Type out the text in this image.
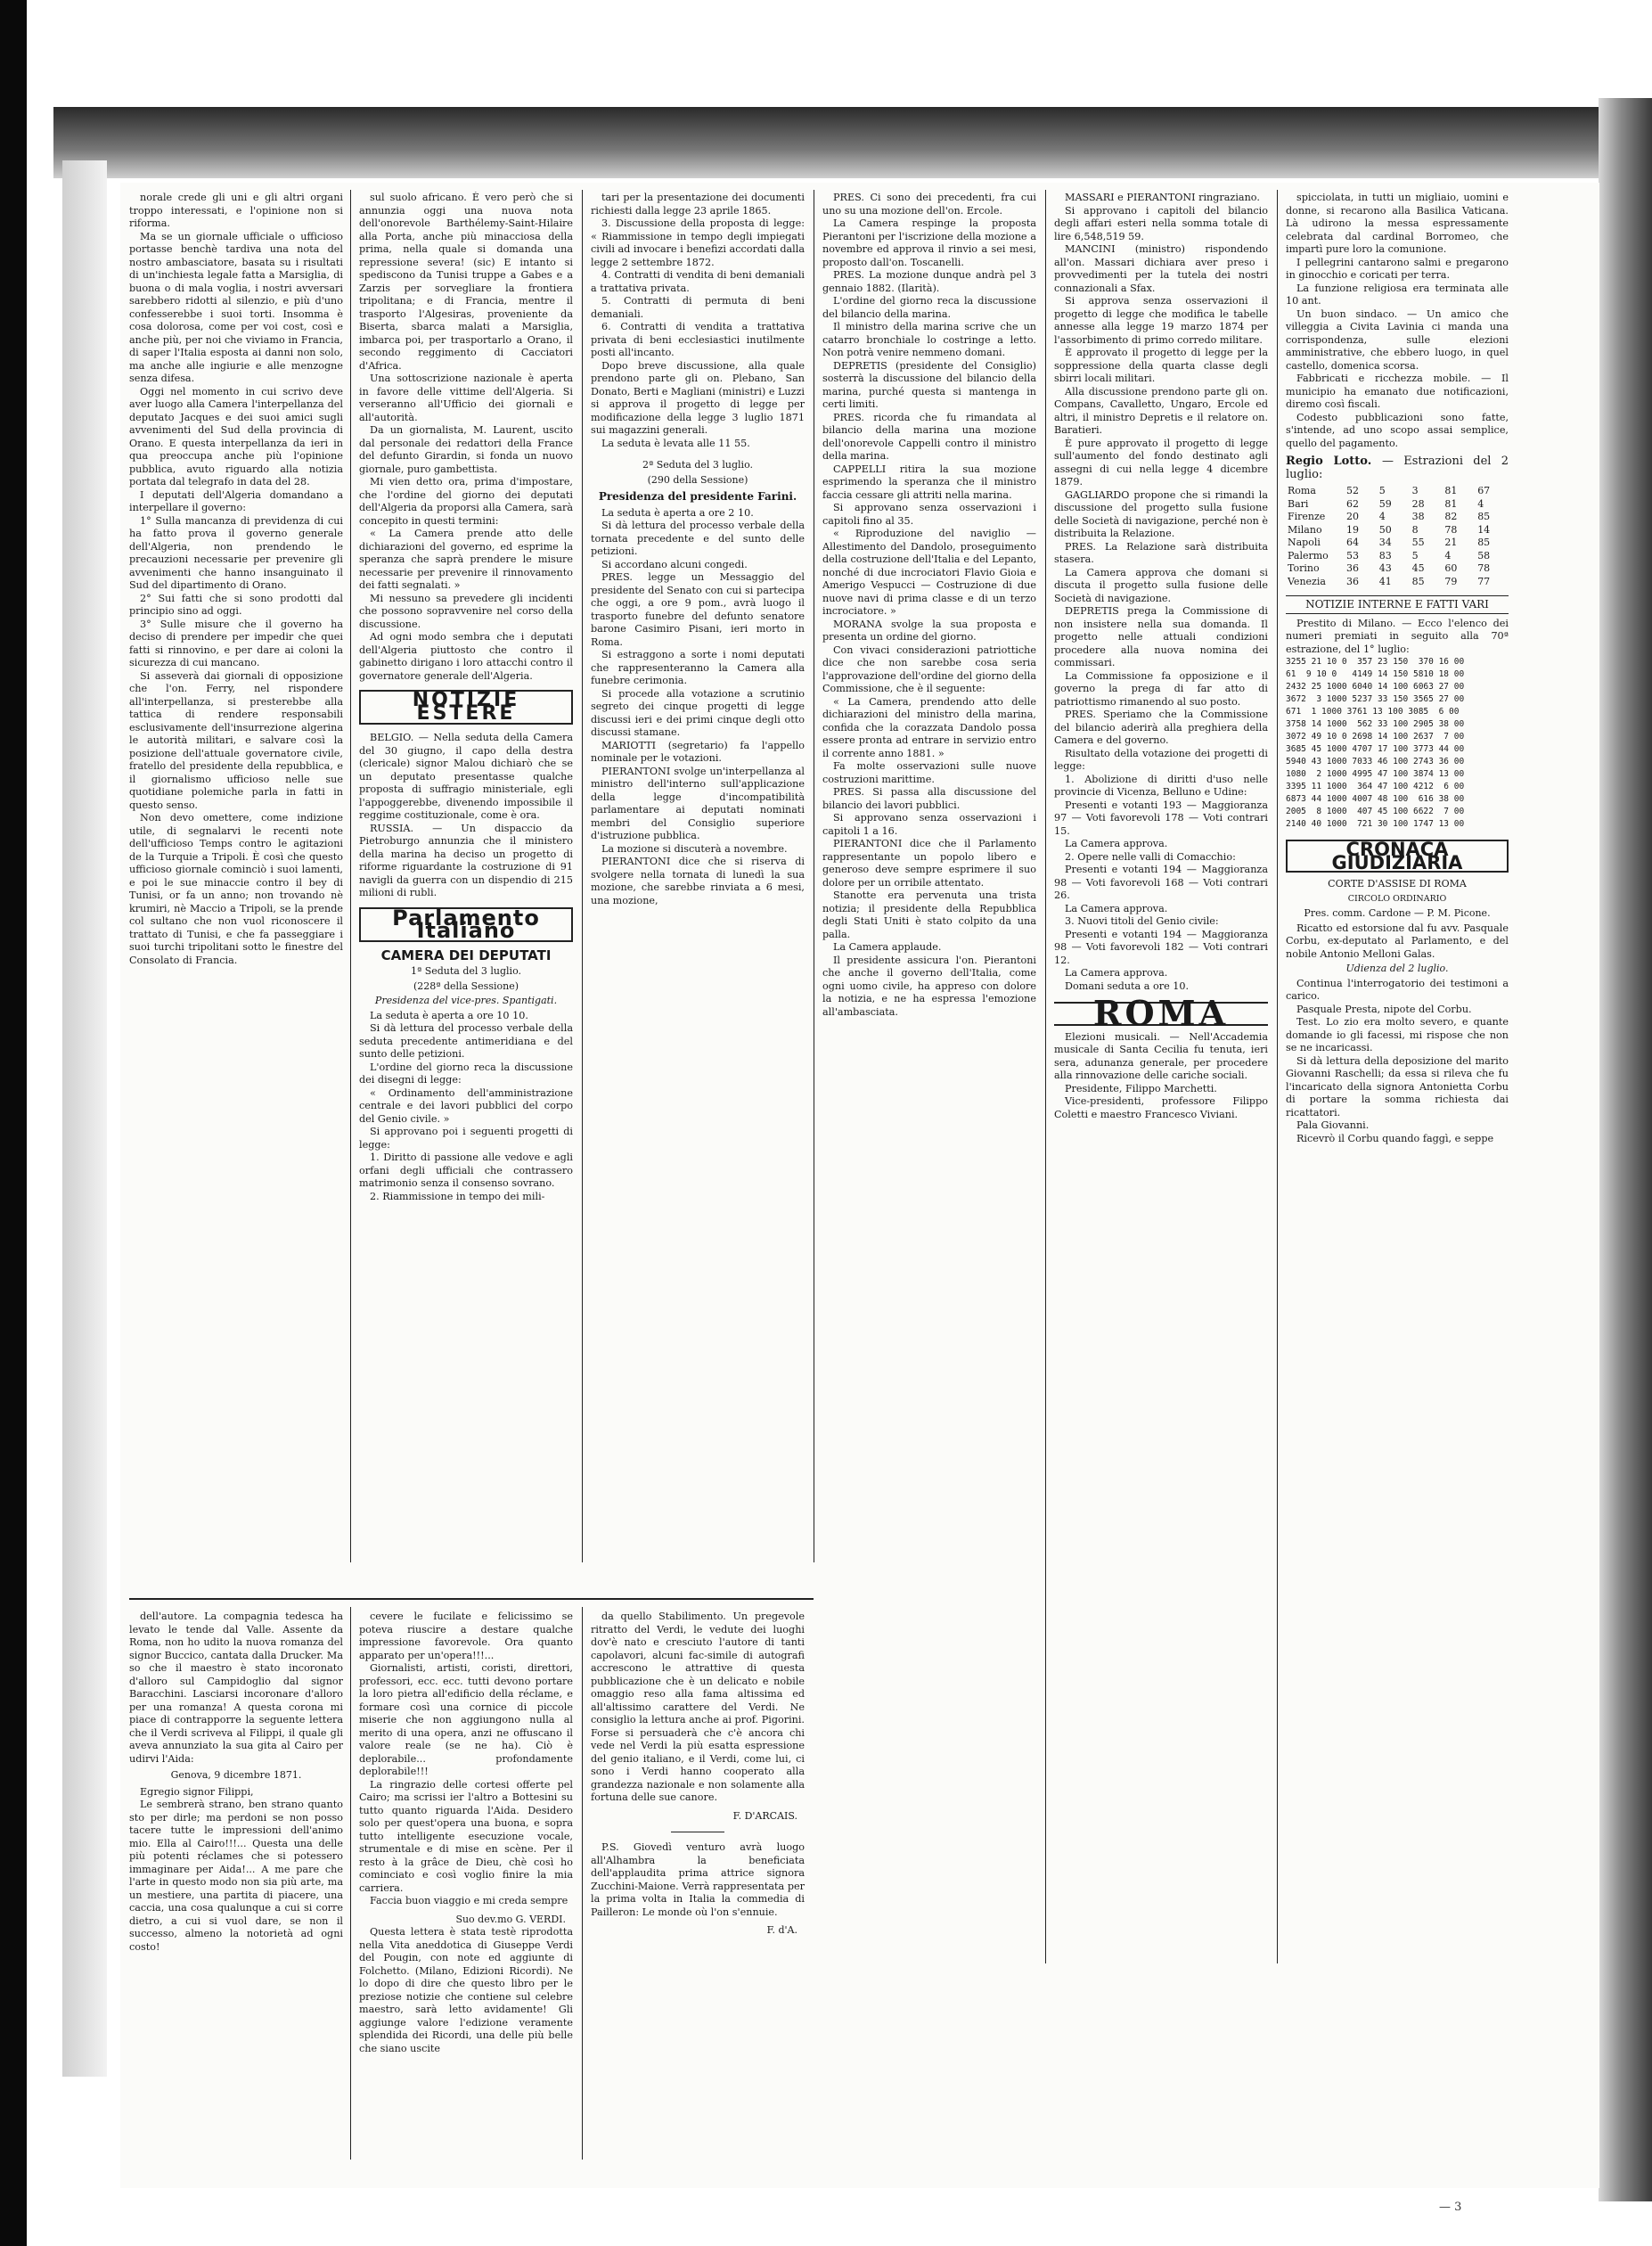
norale crede gli uni e gli altri organi troppo interessati, e l'opinione non si riforma.

Ma se un giornale ufficiale o ufficioso portasse benchè tardiva una nota del nostro ambasciatore, basata su i risultati di un'inchiesta legale fatta a Marsiglia, di buona o di mala voglia, i nostri avversari sarebbero ridotti al silenzio, e più d'uno confesserebbe i suoi torti. Insomma è cosa dolorosa, come per voi cost, così e anche più, per noi che viviamo in Francia, di saper l'Italia esposta ai danni non solo, ma anche alle ingiurie e alle menzogne senza difesa.

Oggi nel momento in cui scrivo deve aver luogo alla Camera l'interpellanza del deputato Jacques e dei suoi amici sugli avvenimenti del Sud della provincia di Orano. E questa interpellanza da ieri in qua preoccupa anche più l'opinione pubblica, avuto riguardo alla notizia portata dal telegrafo in data del 28.

I deputati dell'Algeria domandano a interpellare il governo:

1° Sulla mancanza di previdenza di cui ha fatto prova il governo generale dell'Algeria, non prendendo le precauzioni necessarie per prevenire gli avvenimenti che hanno insanguinato il Sud del dipartimento di Orano.

2° Sui fatti che si sono prodotti dal principio sino ad oggi.

3° Sulle misure che il governo ha deciso di prendere per impedir che quei fatti si rinnovino, e per dare ai coloni la sicurezza di cui mancano.

Si asseverà dai giornali di opposizione che l'on. Ferry, nel rispondere all'interpellanza, si presterebbe alla tattica di rendere responsabili esclusivamente dell'insurrezione algerina le autorità militari, e salvare così la posizione dell'attuale governatore civile, fratello del presidente della repubblica, e il giornalismo ufficioso nelle sue quotidiane polemiche parla in fatti in questo senso.

Non devo omettere, come indizione utile, di segnalarvi le recenti note dell'ufficioso Temps contro le agitazioni de la Turquie a Tripoli. È così che questo ufficioso giornale cominciò i suoi lamenti, e poi le sue minaccie contro il bey di Tunisi, or fa un anno; non trovando nè krumiri, nè Maccio a Tripoli, se la prende col sultano che non vuol riconoscere il trattato di Tunisi, e che fa passeggiare i suoi turchi tripolitani sotto le finestre del Consolato di Francia.

sul suolo africano. È vero però che si annunzia oggi una nuova nota dell'onorevole Barthélemy-Saint-Hilaire alla Porta, anche più minacciosa della prima, nella quale si domanda una repressione severa! (sic) E intanto si spediscono da Tunisi truppe a Gabes e a Zarzis per sorvegliare la frontiera tripolitana; e di Francia, mentre il trasporto l'Algesiras, proveniente da Biserta, sbarca malati a Marsiglia, imbarca poi, per trasportarlo a Orano, il secondo reggimento di Cacciatori d'Africa.

Una sottoscrizione nazionale è aperta in favore delle vittime dell'Algeria. Si verseranno all'Ufficio dei giornali e all'autorità.

Da un giornalista, M. Laurent, uscito dal personale dei redattori della France del defunto Girardin, si fonda un nuovo giornale, puro gambettista.

Mi vien detto ora, prima d'impostare, che l'ordine del giorno dei deputati dell'Algeria da proporsi alla Camera, sarà concepito in questi termini:

« La Camera prende atto delle dichiarazioni del governo, ed esprime la speranza che saprà prendere le misure necessarie per prevenire il rinnovamento dei fatti segnalati. »

Mi nessuno sa prevedere gli incidenti che possono sopravvenire nel corso della discussione.

Ad ogni modo sembra che i deputati dell'Algeria piuttosto che contro il gabinetto dirigano i loro attacchi contro il governatore generale dell'Algeria.

NOTIZIE ESTERE

BELGIO. — Nella seduta della Camera del 30 giugno, il capo della destra (clericale) signor Malou dichiarò che se un deputato presentasse qualche proposta di suffragio ministeriale, egli l'appoggerebbe, divenendo impossibile il reggime costituzionale, come è ora.

RUSSIA. — Un dispaccio da Pietroburgo annunzia che il ministero della marina ha deciso un progetto di riforme riguardante la costruzione di 91 navigli da guerra con un dispendio di 215 milioni di rubli.

Parlamento Italiano
CAMERA DEI DEPUTATI
1ª Seduta del 3 luglio.
(228ª della Sessione)
Presidenza del vice-pres. Spantigati.

La seduta è aperta a ore 10 10.

Si dà lettura del processo verbale della seduta precedente antimeridiana e del sunto delle petizioni.

L'ordine del giorno reca la discussione dei disegni di legge:

« Ordinamento dell'amministrazione centrale e dei lavori pubblici del corpo del Genio civile. »

Si approvano poi i seguenti progetti di legge:

1. Diritto di passione alle vedove e agli orfani degli ufficiali che contrassero matrimonio senza il consenso sovrano.

2. Riammissione in tempo dei mili-

tari per la presentazione dei documenti richiesti dalla legge 23 aprile 1865.

3. Discussione della proposta di legge: « Riammissione in tempo degli impiegati civili ad invocare i benefizi accordati dalla legge 2 settembre 1872.

4. Contratti di vendita di beni demaniali a trattativa privata.

5. Contratti di permuta di beni demaniali.

6. Contratti di vendita a trattativa privata di beni ecclesiastici inutilmente posti all'incanto.

Dopo breve discussione, alla quale prendono parte gli on. Plebano, San Donato, Berti e Magliani (ministri) e Luzzi si approva il progetto di legge per modificazione della legge 3 luglio 1871 sui magazzini generali.

La seduta è levata alle 11 55.

2ª Seduta del 3 luglio.
(290 della Sessione)
Presidenza del presidente Farini.

La seduta è aperta a ore 2 10.

Si dà lettura del processo verbale della tornata precedente e del sunto delle petizioni.

Si accordano alcuni congedi.

PRES. legge un Messaggio del presidente del Senato con cui si partecipa che oggi, a ore 9 pom., avrà luogo il trasporto funebre del defunto senatore barone Casimiro Pisani, ieri morto in Roma.

Si estraggono a sorte i nomi deputati che rappresenteranno la Camera alla funebre cerimonia.

Si procede alla votazione a scrutinio segreto dei cinque progetti di legge discussi ieri e dei primi cinque degli otto discussi stamane.

MARIOTTI (segretario) fa l'appello nominale per le votazioni.

PIERANTONI svolge un'interpellanza al ministro dell'interno sull'applicazione della legge d'incompatibilità parlamentare ai deputati nominati membri del Consiglio superiore d'istruzione pubblica.

La mozione si discuterà a novembre.

PIERANTONI dice che si riserva di svolgere nella tornata di lunedì la sua mozione, che sarebbe rinviata a 6 mesi, una mozione,

PRES. Ci sono dei precedenti, fra cui uno su una mozione dell'on. Ercole.

La Camera respinge la proposta Pierantoni per l'iscrizione della mozione a novembre ed approva il rinvio a sei mesi, proposto dall'on. Toscanelli.

PRES. La mozione dunque andrà pel 3 gennaio 1882. (Ilarità).

L'ordine del giorno reca la discussione del bilancio della marina.

Il ministro della marina scrive che un catarro bronchiale lo costringe a letto. Non potrà venire nemmeno domani.

DEPRETIS (presidente del Consiglio) sosterrà la discussione del bilancio della marina, purché questa si mantenga in certi limiti.

PRES. ricorda che fu rimandata al bilancio della marina una mozione dell'onorevole Cappelli contro il ministro della marina.

CAPPELLI ritira la sua mozione esprimendo la speranza che il ministro faccia cessare gli attriti nella marina.

Si approvano senza osservazioni i capitoli fino al 35.

« Riproduzione del naviglio — Allestimento del Dandolo, proseguimento della costruzione dell'Italia e del Lepanto, nonché di due incrociatori Flavio Gioia e Amerigo Vespucci — Costruzione di due nuove navi di prima classe e di un terzo incrociatore. »

MORANA svolge la sua proposta e presenta un ordine del giorno.

Con vivaci considerazioni patriottiche dice che non sarebbe cosa seria l'approvazione dell'ordine del giorno della Commissione, che è il seguente:

« La Camera, prendendo atto delle dichiarazioni del ministro della marina, confida che la corazzata Dandolo possa essere pronta ad entrare in servizio entro il corrente anno 1881. »

Fa molte osservazioni sulle nuove costruzioni marittime.

PRES. Si passa alla discussione del bilancio dei lavori pubblici.

Si approvano senza osservazioni i capitoli 1 a 16.

PIERANTONI dice che il Parlamento rappresentante un popolo libero e generoso deve sempre esprimere il suo dolore per un orribile attentato.

Stanotte era pervenuta una trista notizia; il presidente della Repubblica degli Stati Uniti è stato colpito da una palla.

La Camera applaude.

Il presidente assicura l'on. Pierantoni che anche il governo dell'Italia, come ogni uomo civile, ha appreso con dolore la notizia, e ne ha espressa l'emozione all'ambasciata.

MASSARI e PIERANTONI ringraziano.

Si approvano i capitoli del bilancio degli affari esteri nella somma totale di lire 6,548,519 59.

MANCINI (ministro) rispondendo all'on. Massari dichiara aver preso i provvedimenti per la tutela dei nostri connazionali a Sfax.

Si approva senza osservazioni il progetto di legge che modifica le tabelle annesse alla legge 19 marzo 1874 per l'assorbimento di primo corredo militare.

È approvato il progetto di legge per la soppressione della quarta classe degli sbirri locali militari.

Alla discussione prendono parte gli on. Compans, Cavalletto, Ungaro, Ercole ed altri, il ministro Depretis e il relatore on. Baratieri.

È pure approvato il progetto di legge sull'aumento del fondo destinato agli assegni di cui nella legge 4 dicembre 1879.

GAGLIARDO propone che si rimandi la discussione del progetto sulla fusione delle Società di navigazione, perché non è distribuita la Relazione.

PRES. La Relazione sarà distribuita stasera.

La Camera approva che domani si discuta il progetto sulla fusione delle Società di navigazione.

DEPRETIS prega la Commissione di non insistere nella sua domanda. Il progetto nelle attuali condizioni procedere alla nuova nomina dei commissari.

La Commissione fa opposizione e il governo la prega di far atto di patriottismo rimanendo al suo posto.

PRES. Speriamo che la Commissione del bilancio aderirà alla preghiera della Camera e del governo.

Risultato della votazione dei progetti di legge:

1. Abolizione di diritti d'uso nelle provincie di Vicenza, Belluno e Udine:

Presenti e votanti 193 — Maggioranza 97 — Voti favorevoli 178 — Voti contrari 15.

La Camera approva.

2. Opere nelle valli di Comacchio:

Presenti e votanti 194 — Maggioranza 98 — Voti favorevoli 168 — Voti contrari 26.

La Camera approva.

3. Nuovi titoli del Genio civile:

Presenti e votanti 194 — Maggioranza 98 — Voti favorevoli 182 — Voti contrari 12.

La Camera approva.

Domani seduta a ore 10.

ROMA

Elezioni musicali. — Nell'Accademia musicale di Santa Cecilia fu tenuta, ieri sera, adunanza generale, per procedere alla rinnovazione delle cariche sociali.

Presidente, Filippo Marchetti.

Vice-presidenti, professore Filippo Coletti e maestro Francesco Viviani.

spicciolata, in tutti un migliaio, uomini e donne, si recarono alla Basilica Vaticana. Là udirono la messa espressamente celebrata dal cardinal Borromeo, che impartì pure loro la comunione.

I pellegrini cantarono salmi e pregarono in ginocchio e coricati per terra.

La funzione religiosa era terminata alle 10 ant.

Un buon sindaco. — Un amico che villeggia a Civita Lavinia ci manda una corrispondenza, sulle elezioni amministrative, che ebbero luogo, in quel castello, domenica scorsa.

Fabbricati e ricchezza mobile. — Il municipio ha emanato due notificazioni, diremo così fiscali.

Codesto pubblicazioni sono fatte, s'intende, ad uno scopo assai semplice, quello del pagamento.

Regio Lotto. — Estrazioni del 2 luglio:
Roma	52	5	3	81	67
Bari	62	59	28	81	4
Firenze	20	4	38	82	85
Milano	19	50	8	78	14
Napoli	64	34	55	21	85
Palermo	53	83	5	4	58
Torino	36	43	45	60	78
Venezia	36	41	85	79	77
NOTIZIE INTERNE E FATTI VARI

Prestito di Milano. — Ecco l'elenco dei numeri premiati in seguito alla 70ª estrazione, del 1° luglio:

3255 21 10 0  357 23 150  370 16 00
61  9 10 0   4149 14 150 5810 18 00
2432 25 1000 6040 14 100 6063 27 00
3672  3 1000 5237 33 150 3565 27 00
671  1 1000 3761 13 100 3085  6 00
3758 14 1000  562 33 100 2905 38 00
3072 49 10 0 2698 14 100 2637  7 00
3685 45 1000 4707 17 100 3773 44 00
5940 43 1000 7033 46 100 2743 36 00
1080  2 1000 4995 47 100 3874 13 00
3395 11 1000  364 47 100 4212  6 00
6873 44 1000 4007 48 100  616 38 00
2005  8 1000  407 45 100 6622  7 00
2140 40 1000  721 30 100 1747 13 00
CRONACA GIUDIZIARIA
CORTE D'ASSISE DI ROMA
CIRCOLO ORDINARIO
Pres. comm. Cardone — P. M. Picone.

Ricatto ed estorsione dal fu avv. Pasquale Corbu, ex-deputato al Parlamento, e del nobile Antonio Melloni Galas.

Udienza del 2 luglio.

Continua l'interrogatorio dei testimoni a carico.

Pasquale Presta, nipote del Corbu.

Test. Lo zio era molto severo, e quante domande io gli facessi, mi rispose che non se ne incaricassi.

Si dà lettura della deposizione del marito Giovanni Raschelli; da essa si rileva che fu l'incaricato della signora Antonietta Corbu di portare la somma richiesta dai ricattatori.

Pala Giovanni.

Ricevrò il Corbu quando faggì, e seppe

dell'autore. La compagnia tedesca ha levato le tende dal Valle. Assente da Roma, non ho udito la nuova romanza del signor Buccico, cantata dalla Drucker. Ma so che il maestro è stato incoronato d'alloro sul Campidoglio dal signor Baracchini. Lasciarsi incoronare d'alloro per una romanza! A questa corona mi piace di contrapporre la seguente lettera che il Verdi scriveva al Filippi, il quale gli aveva annunziato la sua gita al Cairo per udirvi l'Aida:

Genova, 9 dicembre 1871.

Egregio signor Filippi,

Le sembrerà strano, ben strano quanto sto per dirle; ma perdoni se non posso tacere tutte le impressioni dell'animo mio. Ella al Cairo!!!... Questa una delle più potenti réclames che si potessero immaginare per Aida!... A me pare che l'arte in questo modo non sia più arte, ma un mestiere, una partita di piacere, una caccia, una cosa qualunque a cui si corre dietro, a cui si vuol dare, se non il successo, almeno la notorietà ad ogni costo!

cevere le fucilate e felicissimo se poteva riuscire a destare qualche impressione favorevole. Ora quanto apparato per un'opera!!!...

Giornalisti, artisti, coristi, direttori, professori, ecc. ecc. tutti devono portare la loro pietra all'edificio della réclame, e formare così una cornice di piccole miserie che non aggiungono nulla al merito di una opera, anzi ne offuscano il valore reale (se ne ha). Ciò è deplorabile... profondamente deplorabile!!!

La ringrazio delle cortesi offerte pel Cairo; ma scrissi ier l'altro a Bottesini su tutto quanto riguarda l'Aida. Desidero solo per quest'opera una buona, e sopra tutto intelligente esecuzione vocale, strumentale e di mise en scène. Per il resto à la grâce de Dieu, chè così ho cominciato e così voglio finire la mia carriera.

Faccia buon viaggio e mi creda sempre

Suo dev.mo G. VERDI.

Questa lettera è stata testè riprodotta nella Vita aneddotica di Giuseppe Verdi del Pougin, con note ed aggiunte di Folchetto. (Milano, Edizioni Ricordi). Ne lo dopo di dire che questo libro per le preziose notizie che contiene sul celebre maestro, sarà letto avidamente! Gli aggiunge valore l'edizione veramente splendida dei Ricordi, una delle più belle che siano uscite

da quello Stabilimento. Un pregevole ritratto del Verdi, le vedute dei luoghi dov'è nato e cresciuto l'autore di tanti capolavori, alcuni fac-simile di autografi accrescono le attrattive di questa pubblicazione che è un delicato e nobile omaggio reso alla fama altissima ed all'altissimo carattere del Verdi. Ne consiglio la lettura anche ai prof. Pigorini. Forse si persuaderà che c'è ancora chi vede nel Verdi la più esatta espressione del genio italiano, e il Verdi, come lui, ci sono i Verdi hanno cooperato alla grandezza nazionale e non solamente alla fortuna delle sue canore.

F. D'ARCAIS.

P.S. Giovedì venturo avrà luogo all'Alhambra la beneficiata dell'applaudita prima attrice signora Zucchini-Maione. Verrà rappresentata per la prima volta in Italia la commedia di Pailleron: Le monde où l'on s'ennuie.

F. d'A.
— 3
